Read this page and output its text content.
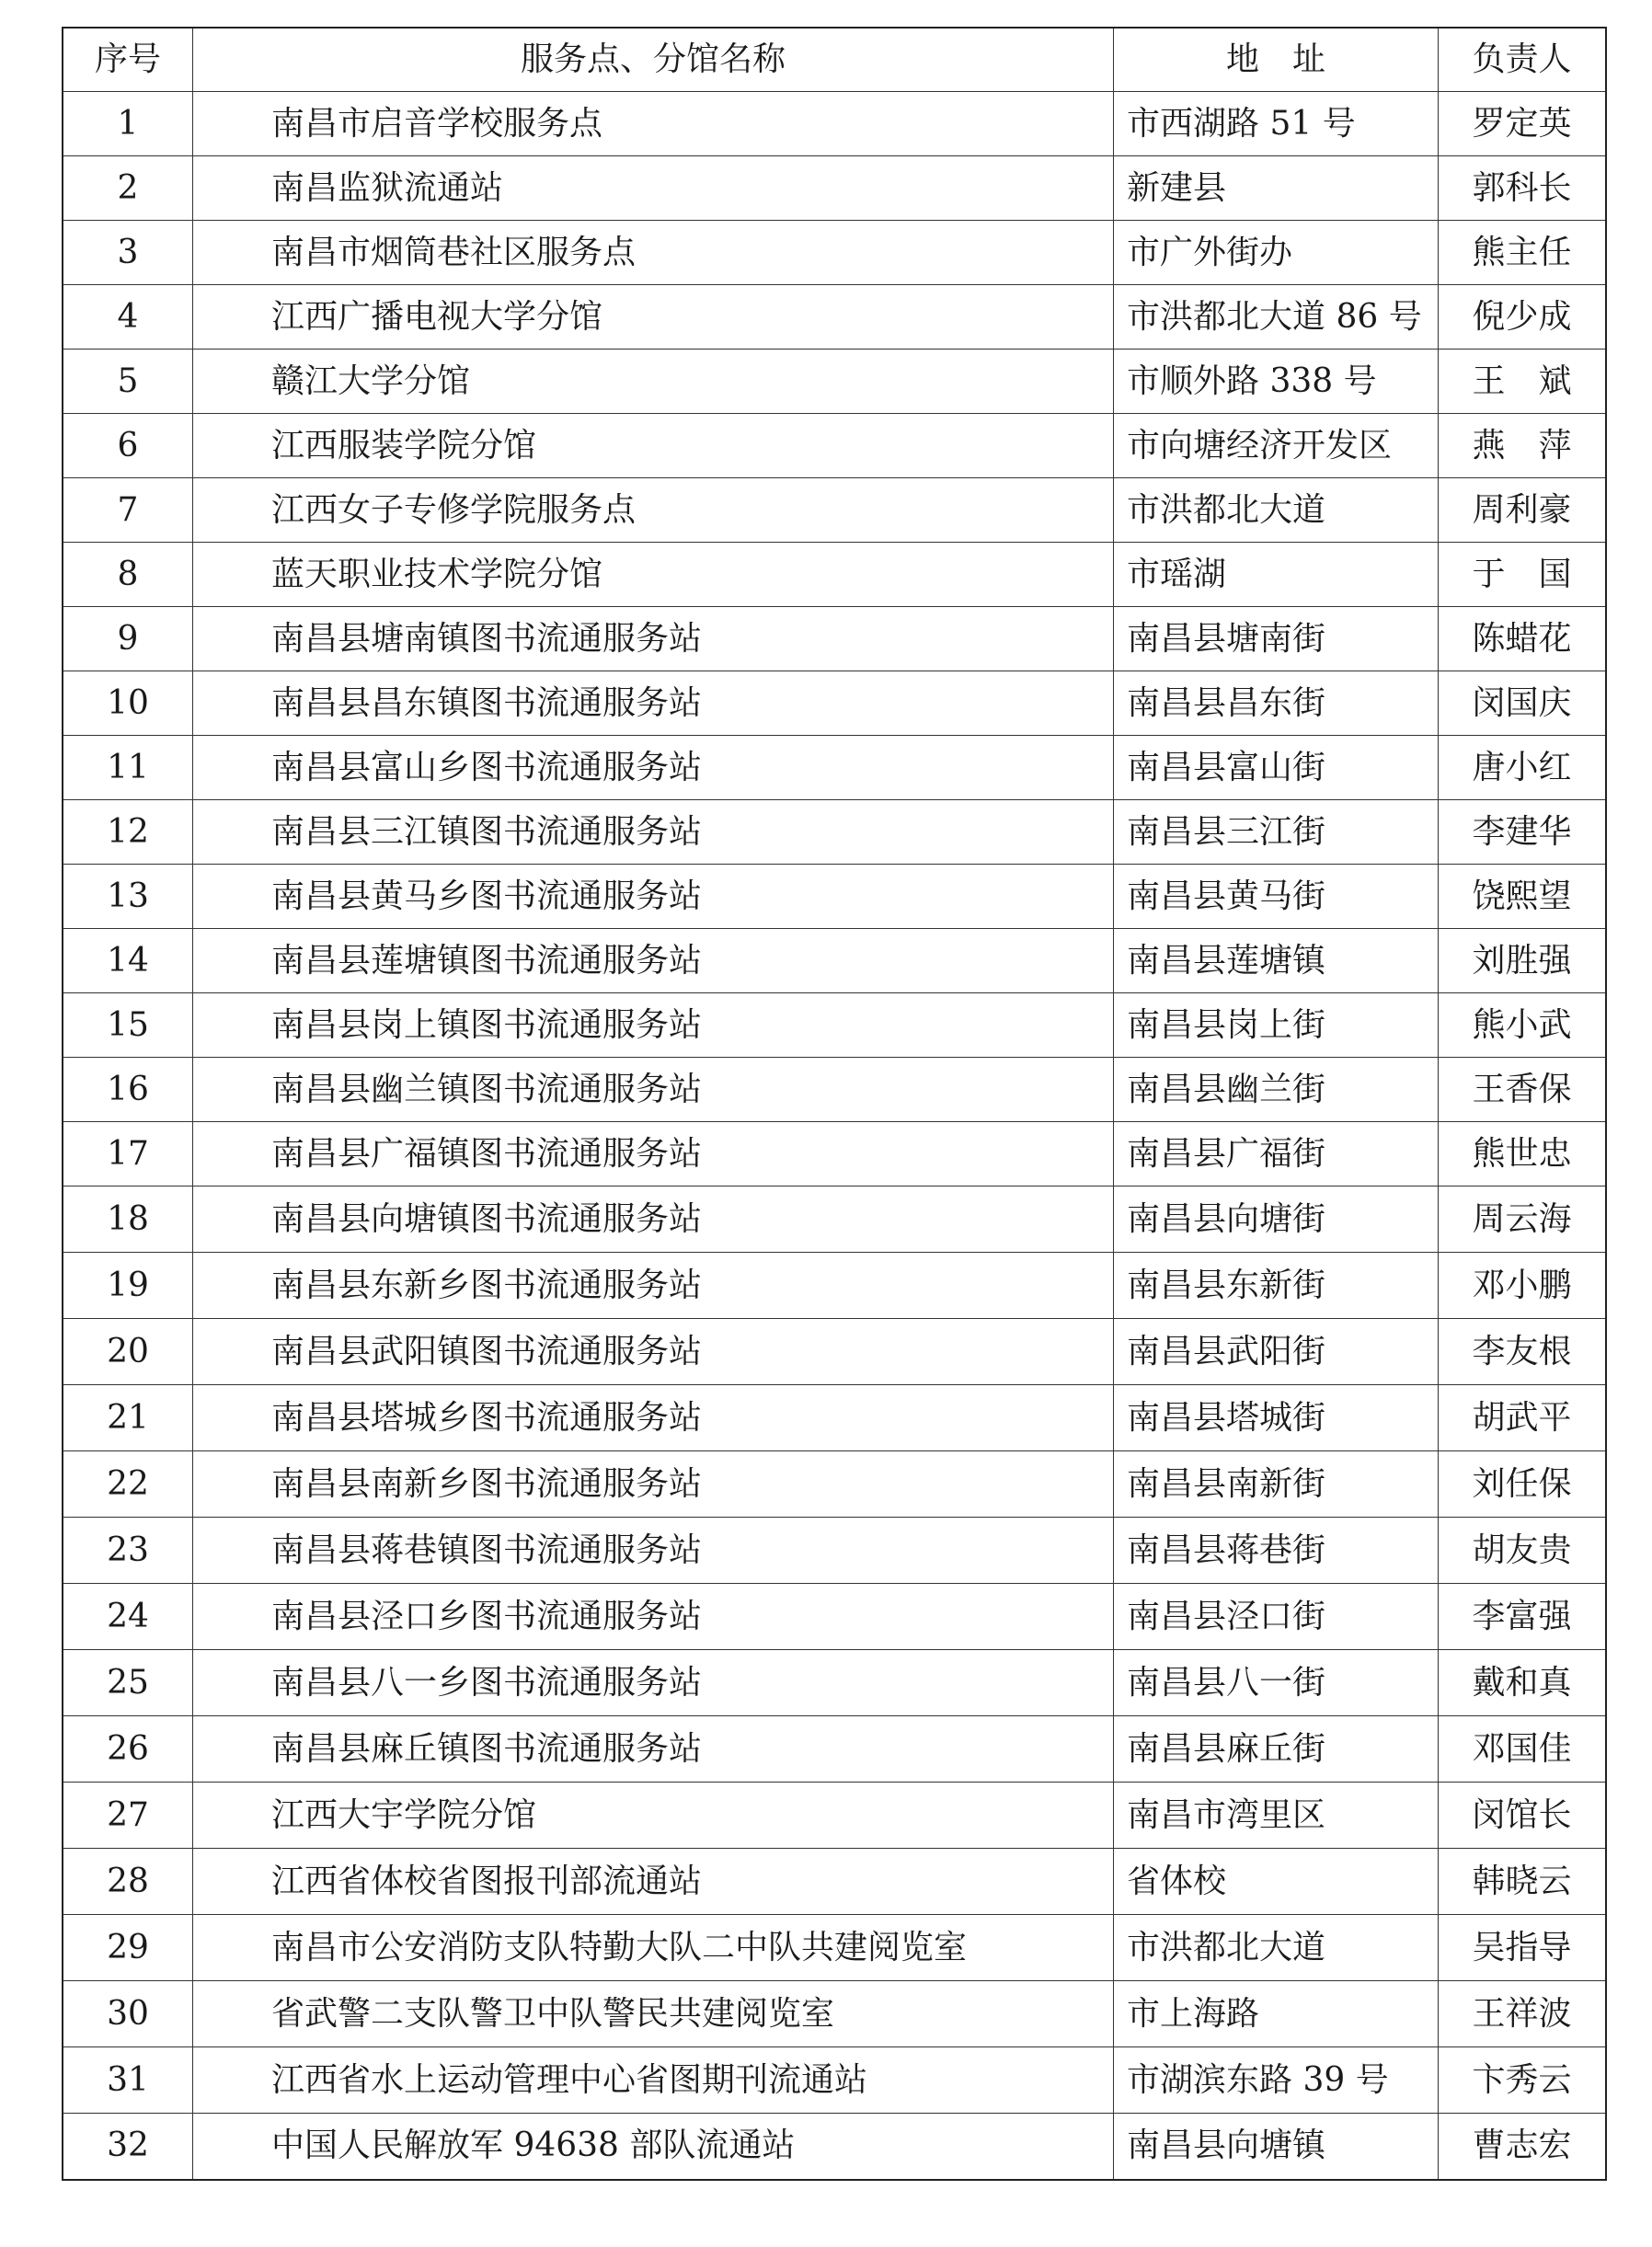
序号	服务点、分馆名称	地　址	负责人
1	南昌市启音学校服务点	市西湖路 51 号	罗定英
2	南昌监狱流通站	新建县	郭科长
3	南昌市烟筒巷社区服务点	市广外街办	熊主任
4	江西广播电视大学分馆	市洪都北大道 86 号	倪少成
5	赣江大学分馆	市顺外路 338 号	王　斌
6	江西服装学院分馆	市向塘经济开发区	燕　萍
7	江西女子专修学院服务点	市洪都北大道	周利豪
8	蓝天职业技术学院分馆	市瑶湖	于　国
9	南昌县塘南镇图书流通服务站	南昌县塘南街	陈蜡花
10	南昌县昌东镇图书流通服务站	南昌县昌东街	闵国庆
11	南昌县富山乡图书流通服务站	南昌县富山街	唐小红
12	南昌县三江镇图书流通服务站	南昌县三江街	李建华
13	南昌县黄马乡图书流通服务站	南昌县黄马街	饶熙望
14	南昌县莲塘镇图书流通服务站	南昌县莲塘镇	刘胜强
15	南昌县岗上镇图书流通服务站	南昌县岗上街	熊小武
16	南昌县幽兰镇图书流通服务站	南昌县幽兰街	王香保
17	南昌县广福镇图书流通服务站	南昌县广福街	熊世忠
18	南昌县向塘镇图书流通服务站	南昌县向塘街	周云海
19	南昌县东新乡图书流通服务站	南昌县东新街	邓小鹏
20	南昌县武阳镇图书流通服务站	南昌县武阳街	李友根
21	南昌县塔城乡图书流通服务站	南昌县塔城街	胡武平
22	南昌县南新乡图书流通服务站	南昌县南新街	刘任保
23	南昌县蒋巷镇图书流通服务站	南昌县蒋巷街	胡友贵
24	南昌县泾口乡图书流通服务站	南昌县泾口街	李富强
25	南昌县八一乡图书流通服务站	南昌县八一街	戴和真
26	南昌县麻丘镇图书流通服务站	南昌县麻丘街	邓国佳
27	江西大宇学院分馆	南昌市湾里区	闵馆长
28	江西省体校省图报刊部流通站	省体校	韩晓云
29	南昌市公安消防支队特勤大队二中队共建阅览室	市洪都北大道	吴指导
30	省武警二支队警卫中队警民共建阅览室	市上海路	王祥波
31	江西省水上运动管理中心省图期刊流通站	市湖滨东路 39 号	卞秀云
32	中国人民解放军 94638 部队流通站	南昌县向塘镇	曹志宏
